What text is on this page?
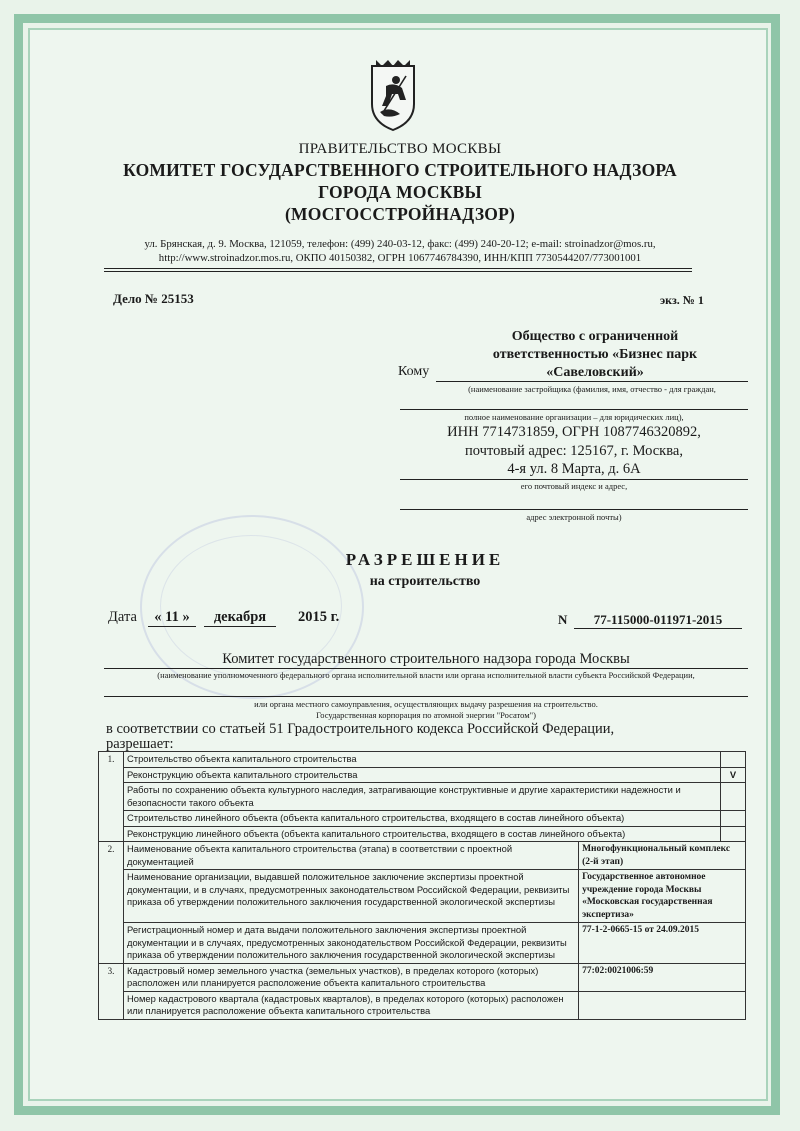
ПРАВИТЕЛЬСТВО МОСКВЫ
КОМИТЕТ ГОСУДАРСТВЕННОГО СТРОИТЕЛЬНОГО НАДЗОРА
ГОРОДА МОСКВЫ
(МОСГОССТРОЙНАДЗОР)
ул. Брянская, д. 9. Москва, 121059, телефон: (499) 240-03-12, факс: (499) 240-20-12; e-mail: stroinadzor@mos.ru,
http://www.stroinadzor.mos.ru, ОКПО 40150382, ОГРН 1067746784390, ИНН/КПП 7730544207/773001001
Дело № 25153	экз. № 1
Общество с ограниченной
ответственностью «Бизнес парк
Кому	«Савеловский»
(наименование застройщика (фамилия, имя, отчество - для граждан,
полное наименование организации – для юридических лиц),
ИНН 7714731859, ОГРН 1087746320892,
почтовый адрес: 125167, г. Москва,
4-я ул. 8 Марта, д. 6А
его почтовый индекс и адрес,
адрес электронной почты)
РАЗРЕШЕНИЕ
на строительство
Дата	« 11 »	декабря	2015 г.	N	77-115000-011971-2015
Комитет государственного строительного надзора города Москвы
(наименование уполномоченного федерального органа исполнительной власти или органа исполнительной власти субъекта Российской Федерации,
или органа местного самоуправления, осуществляющих выдачу разрешения на строительство.
Государственная корпорация по атомной энергии "Росатом")
в соответствии со статьей 51 Градостроительного кодекса Российской Федерации,
разрешает:
1.	Строительство объекта капитального строительства		
	Реконструкцию объекта капитального строительства		V
	Работы по сохранению объекта культурного наследия, затрагивающие конструктивные и другие характеристики надежности и безопасности такого объекта		
	Строительство линейного объекта (объекта капитального строительства, входящего в состав линейного объекта)		
	Реконструкцию линейного объекта (объекта капитального строительства, входящего в состав линейного объекта)		
2.	Наименование объекта капитального строительства (этапа) в соответствии с проектной документацией	Многофункциональный комплекс (2-й этап)	
	Наименование организации, выдавшей положительное заключение экспертизы проектной документации, и в случаях, предусмотренных законодательством Российской Федерации, реквизиты приказа об утверждении положительного заключения государственной экологической экспертизы	Государственное автономное учреждение города Москвы «Московская государственная экспертиза»	
	Регистрационный номер и дата выдачи положительного заключения экспертизы проектной документации и в случаях, предусмотренных законодательством Российской Федерации, реквизиты приказа об утверждении положительного заключения государственной экологической экспертизы	77-1-2-0665-15 от 24.09.2015	
3.	Кадастровый номер земельного участка (земельных участков), в пределах которого (которых) расположен или планируется расположение объекта капитального строительства	77:02:0021006:59	
	Номер кадастрового квартала (кадастровых кварталов), в пределах которого (которых) расположен или планируется расположение объекта капитального строительства		
